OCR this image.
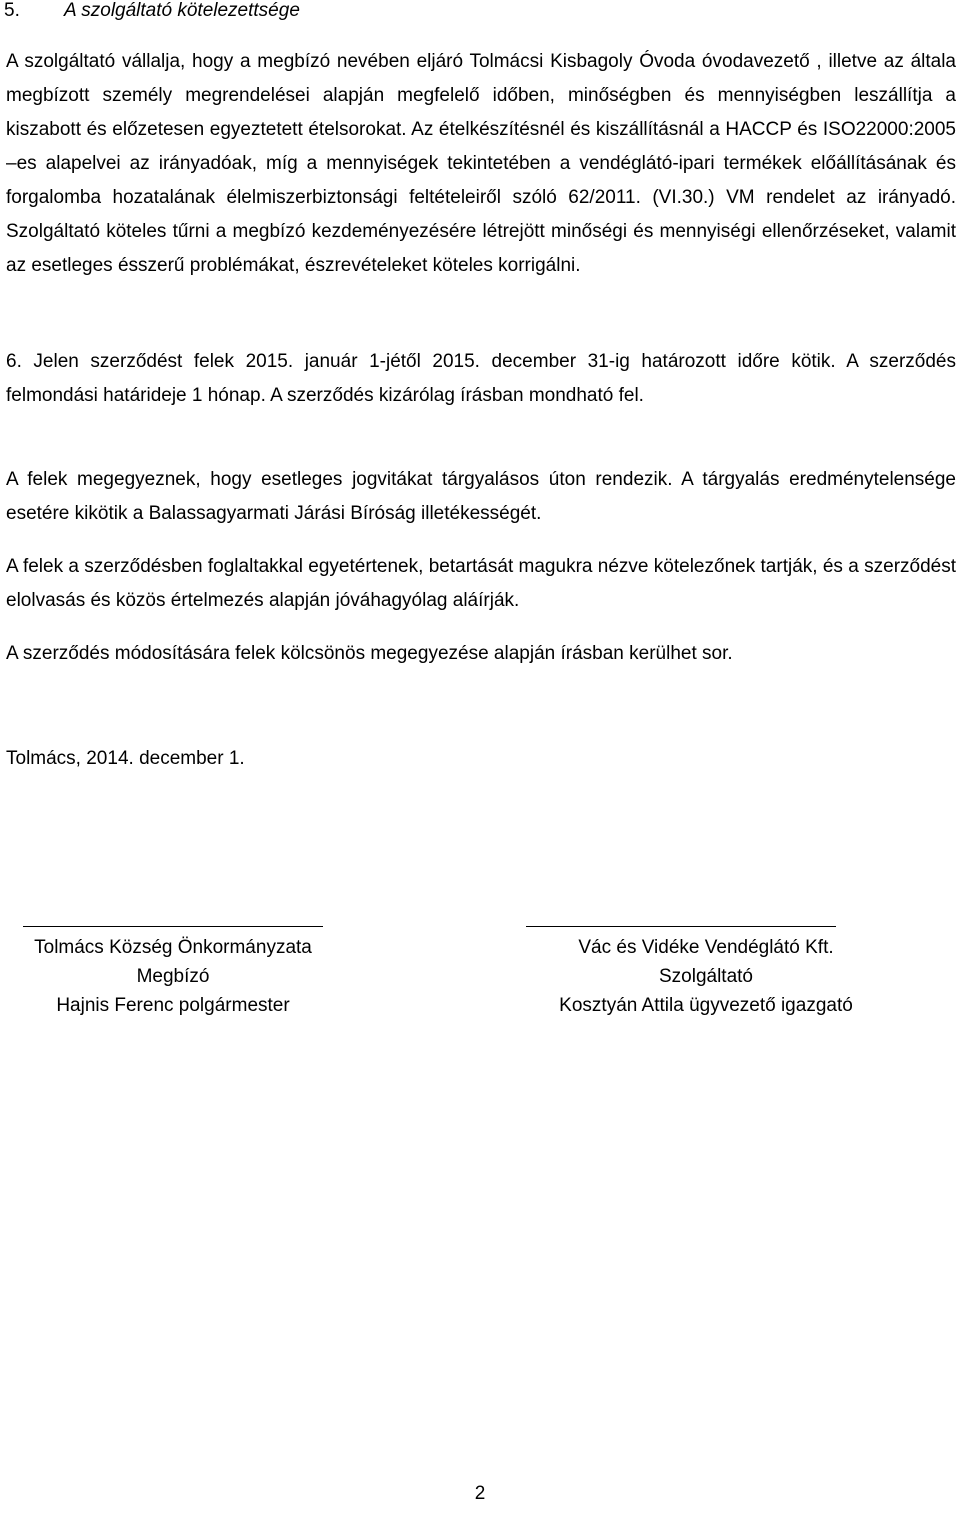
5. A szolgáltató kötelezettsége

A szolgáltató vállalja, hogy a megbízó nevében eljáró Tolmácsi Kisbagoly Óvoda óvodavezető , illetve az általa megbízott személy megrendelései alapján megfelelő időben, minőségben és mennyiségben leszállítja a kiszabott és előzetesen egyeztetett ételsorokat. Az ételkészítésnél és kiszállításnál a HACCP és ISO22000:2005 –es alapelvei az irányadóak, míg a mennyiségek tekintetében a vendéglátó-ipari termékek előállításának és forgalomba hozatalának élelmiszerbiztonsági feltételeiről szóló 62/2011. (VI.30.) VM rendelet az irányadó. Szolgáltató köteles tűrni a megbízó kezdeményezésére létrejött minőségi és mennyiségi ellenőrzéseket, valamit az esetleges ésszerű problémákat, észrevételeket köteles korrigálni.

6. Jelen szerződést felek 2015. január 1-jétől 2015. december 31-ig határozott időre kötik. A szerződés felmondási határideje 1 hónap. A szerződés kizárólag írásban mondható fel.

A felek megegyeznek, hogy esetleges jogvitákat tárgyalásos úton rendezik. A tárgyalás eredménytelensége esetére kikötik a Balassagyarmati Járási Bíróság illetékességét.

A felek a szerződésben foglaltakkal egyetértenek, betartását magukra nézve kötelezőnek tartják, és a szerződést elolvasás és közös értelmezés alapján jóváhagyólag aláírják.

A szerződés módosítására felek kölcsönös megegyezése alapján írásban kerülhet sor.

Tolmács, 2014. december 1.

Tolmács Község Önkormányzata
Megbízó
Hajnis Ferenc polgármester
Vác és Vidéke Vendéglátó Kft.
Szolgáltató
Kosztyán Attila ügyvezető igazgató
2
